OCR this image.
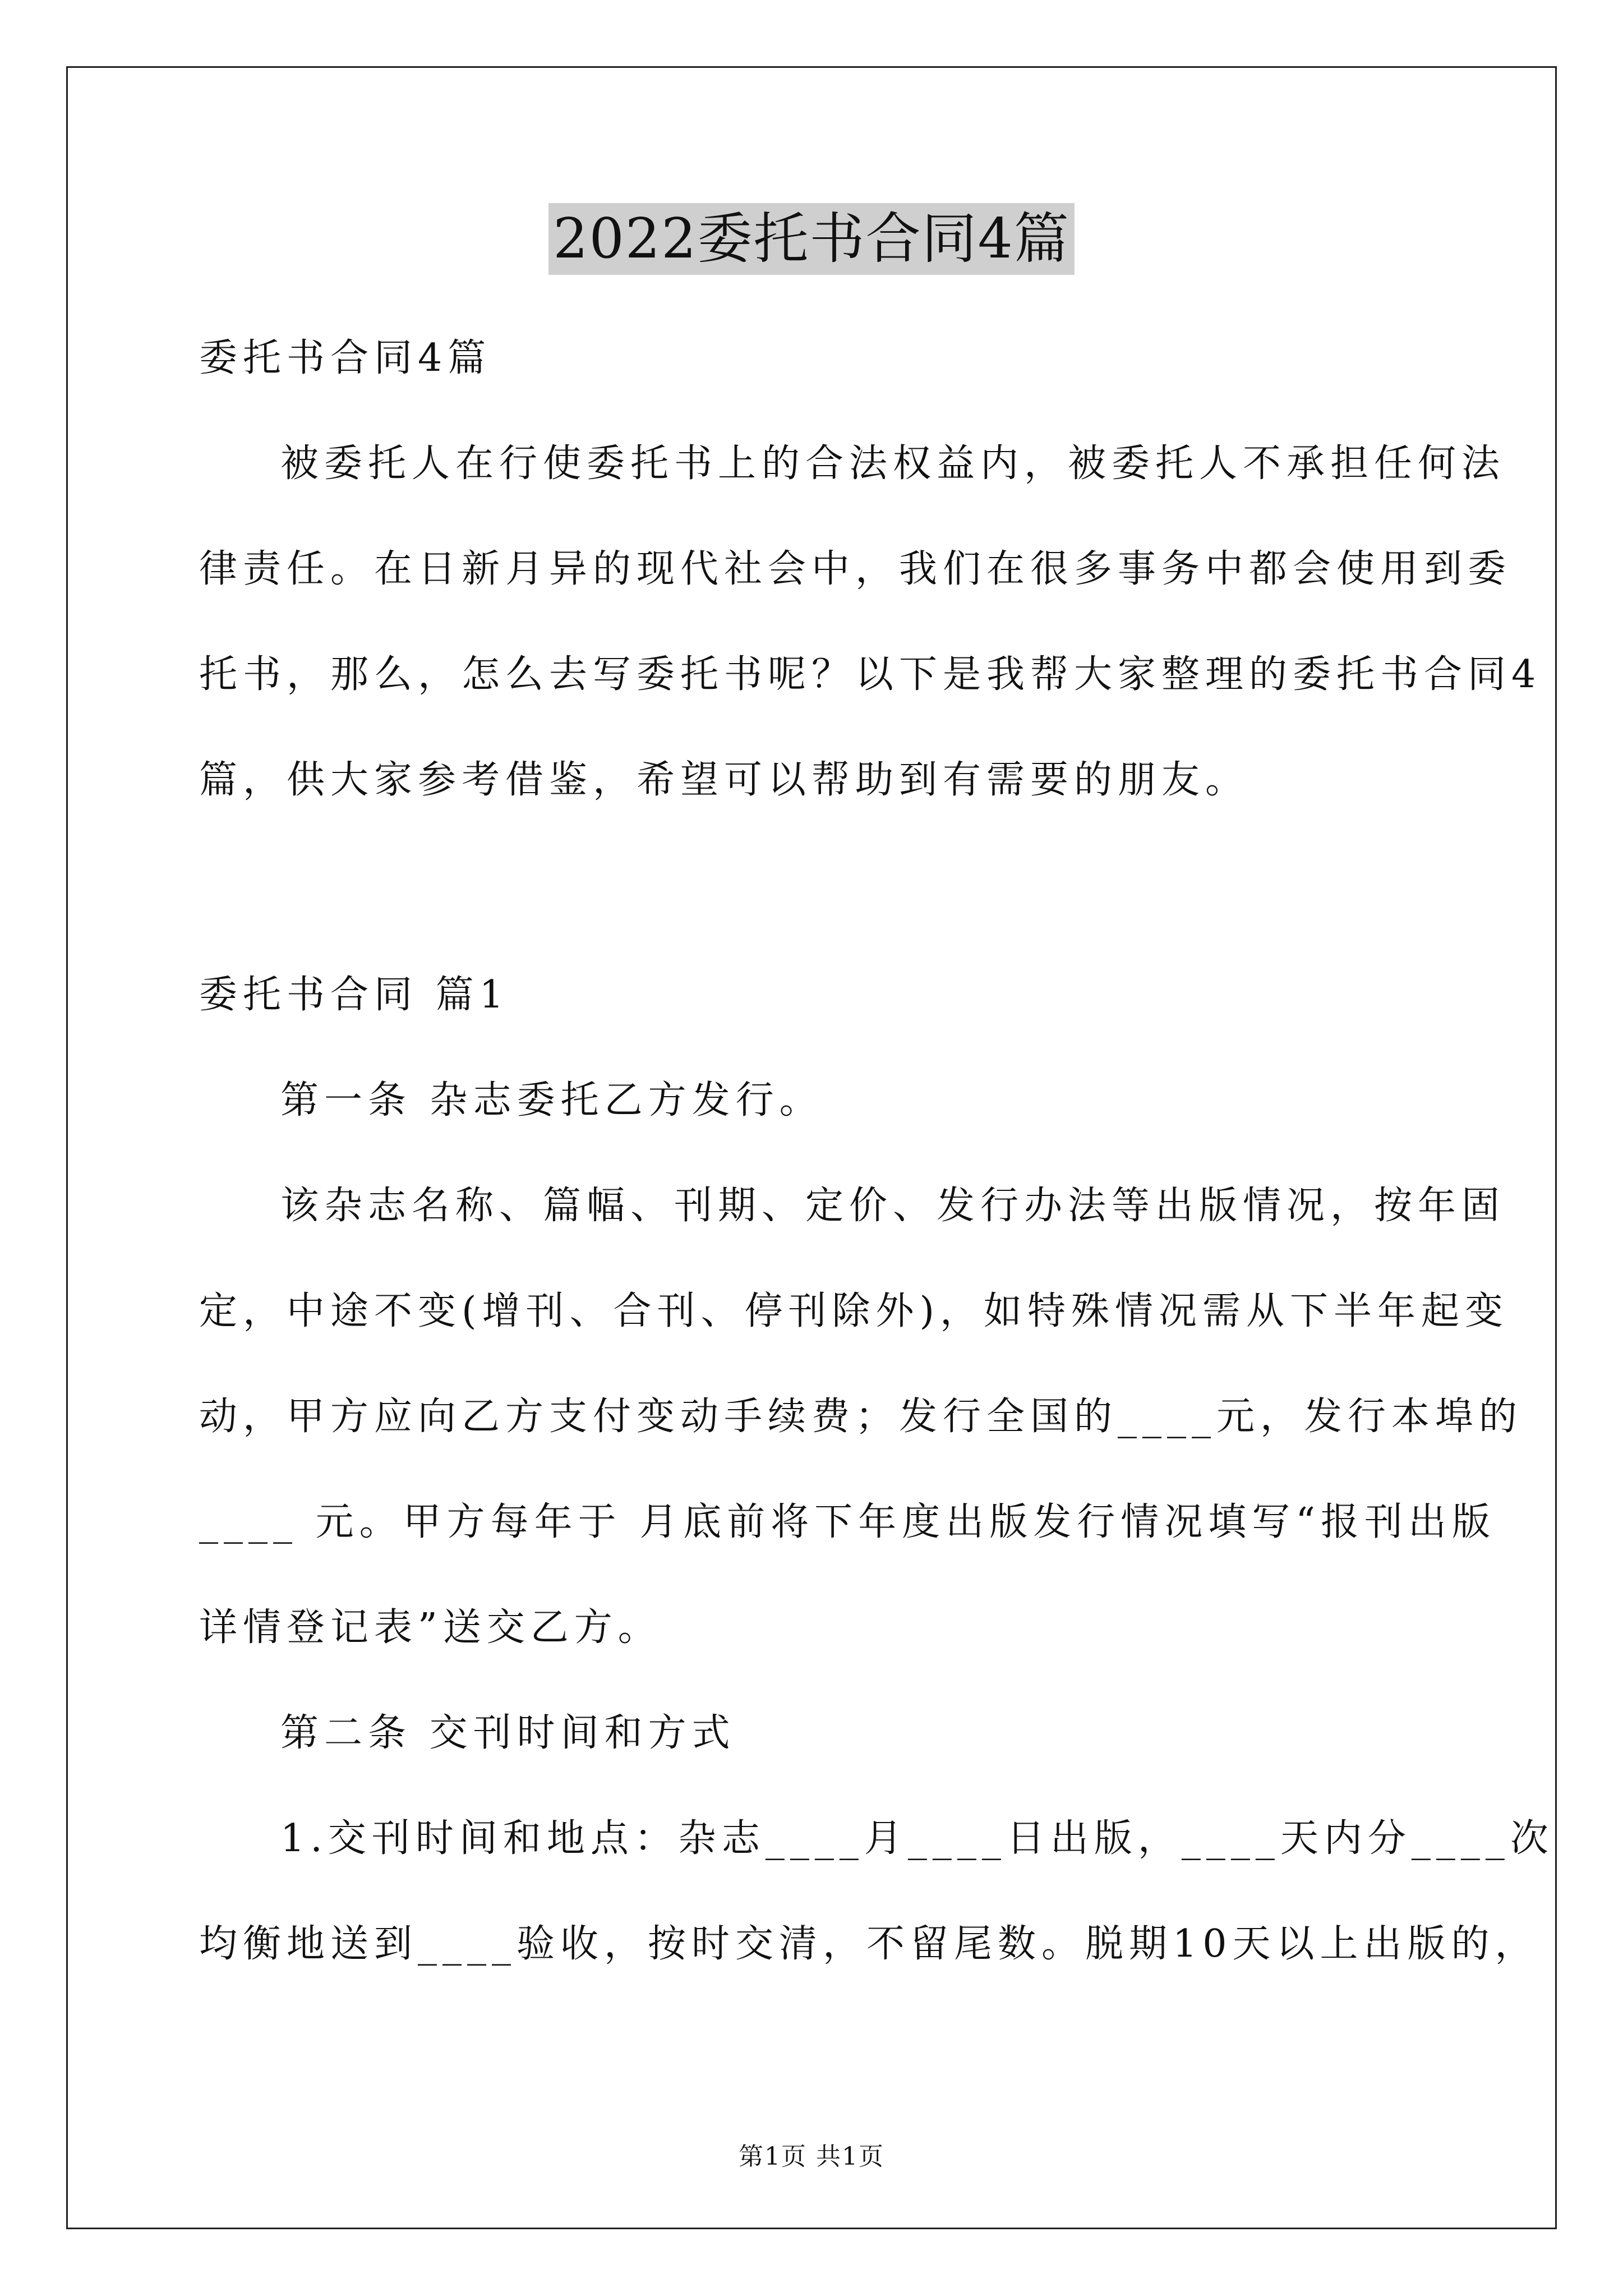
2022委托书合同4篇

委托书合同4篇

被委托人在行使委托书上的合法权益内，被委托人不承担任何法

律责任。在日新月异的现代社会中，我们在很多事务中都会使用到委

托书，那么，怎么去写委托书呢？以下是我帮大家整理的委托书合同4

篇，供大家参考借鉴，希望可以帮助到有需要的朋友。

委托书合同 篇1

第一条 杂志委托乙方发行。

该杂志名称、篇幅、刊期、定价、发行办法等出版情况，按年固

定，中途不变(增刊、合刊、停刊除外)，如特殊情况需从下半年起变

动，甲方应向乙方支付变动手续费；发行全国的____元，发行本埠的

____ 元。甲方每年于 月底前将下年度出版发行情况填写“报刊出版

详情登记表”送交乙方。

第二条 交刊时间和方式

1.交刊时间和地点：杂志____月____日出版，____天内分____次

均衡地送到____验收，按时交清，不留尾数。脱期10天以上出版的，

第1页 共1页
